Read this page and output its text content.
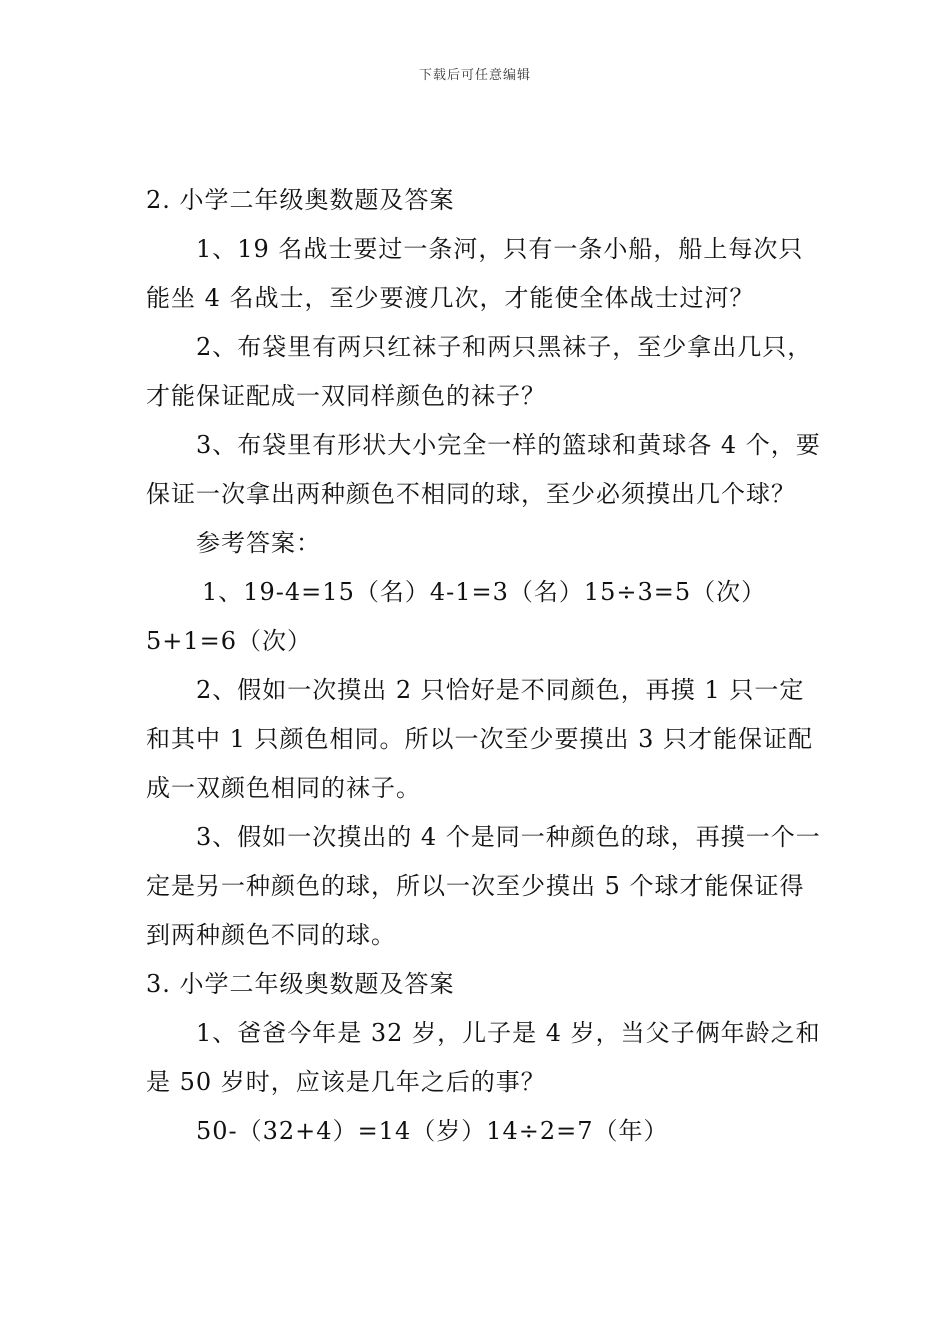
下载后可任意编辑

2. 小学二年级奥数题及答案

1、19 名战士要过一条河，只有一条小船，船上每次只能坐 4 名战士，至少要渡几次，才能使全体战士过河？

2、布袋里有两只红袜子和两只黑袜子，至少拿出几只，才能保证配成一双同样颜色的袜子？

3、布袋里有形状大小完全一样的篮球和黄球各 4 个，要保证一次拿出两种颜色不相同的球，至少必须摸出几个球？

参考答案：

1、19-4=15（名）4-1=3（名）15÷3=5（次）5+1=6（次）

2、假如一次摸出 2 只恰好是不同颜色，再摸 1 只一定和其中 1 只颜色相同。所以一次至少要摸出 3 只才能保证配成一双颜色相同的袜子。

3、假如一次摸出的 4 个是同一种颜色的球，再摸一个一定是另一种颜色的球，所以一次至少摸出 5 个球才能保证得到两种颜色不同的球。

3. 小学二年级奥数题及答案

1、爸爸今年是 32 岁，儿子是 4 岁，当父子俩年龄之和是 50 岁时，应该是几年之后的事？

50-（32+4）=14（岁）14÷2=7（年）
